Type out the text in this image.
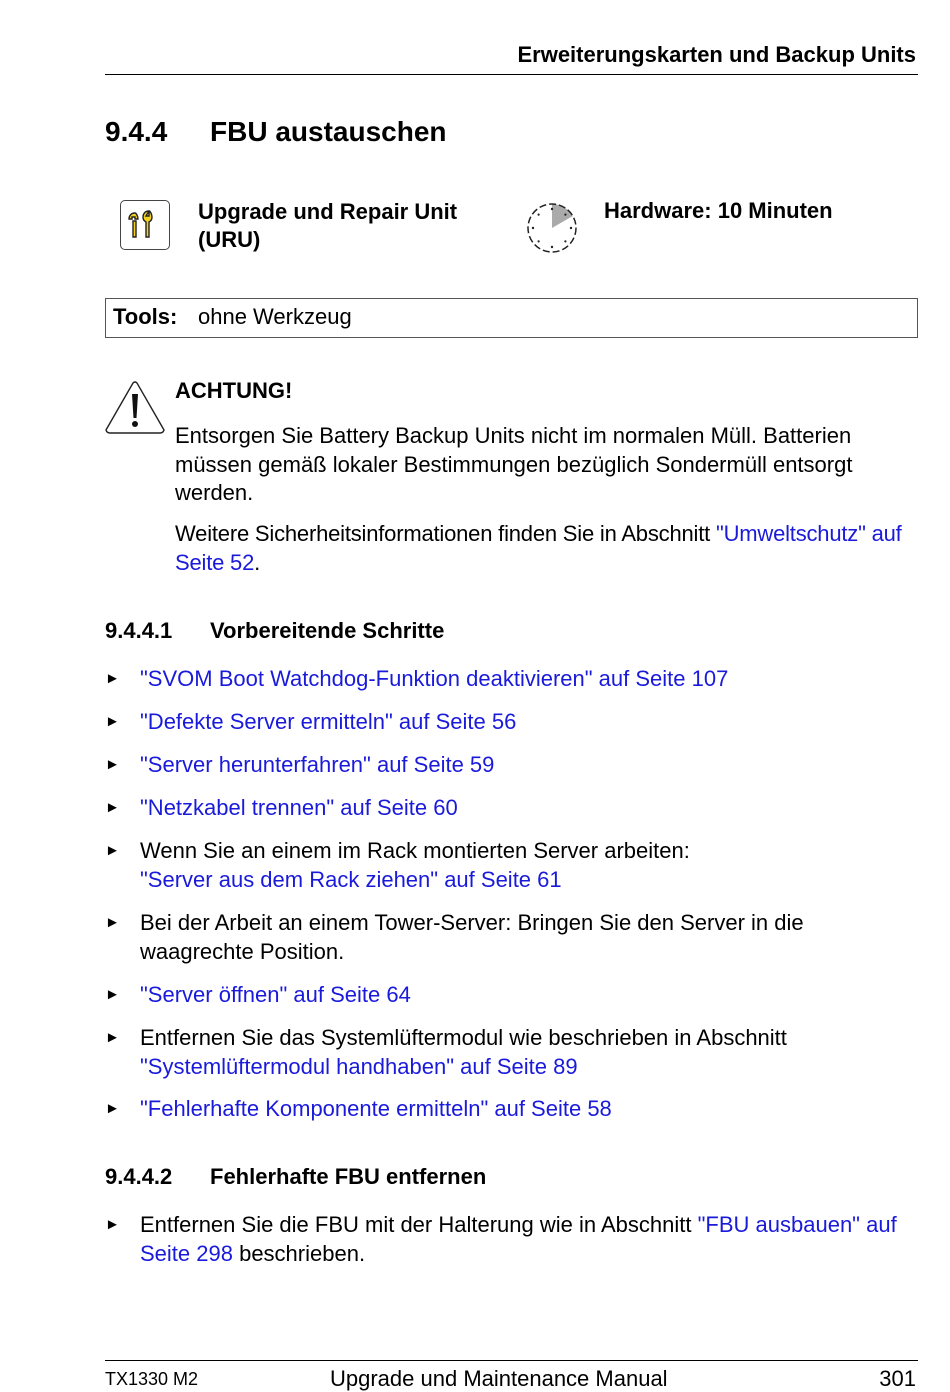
Erweiterungskarten und Backup Units
9.4.4 FBU austauschen
Upgrade und Repair Unit
(URU)
Hardware: 10 Minuten
Tools: ohne Werkzeug
ACHTUNG!
Entsorgen Sie Battery Backup Units nicht im normalen Müll. Batterien müssen gemäß lokaler Bestimmungen bezüglich Sondermüll entsorgt werden.
Weitere Sicherheitsinformationen finden Sie in Abschnitt "Umweltschutz" auf Seite 52.
9.4.4.1 Vorbereitende Schritte
► "SVOM Boot Watchdog-Funktion deaktivieren" auf Seite 107
► "Defekte Server ermitteln" auf Seite 56
► "Server herunterfahren" auf Seite 59
► "Netzkabel trennen" auf Seite 60
► Wenn Sie an einem im Rack montierten Server arbeiten:
"Server aus dem Rack ziehen" auf Seite 61
► Bei der Arbeit an einem Tower-Server: Bringen Sie den Server in die waagrechte Position.
► "Server öffnen" auf Seite 64
► Entfernen Sie das Systemlüftermodul wie beschrieben in Abschnitt
"Systemlüftermodul handhaben" auf Seite 89
► "Fehlerhafte Komponente ermitteln" auf Seite 58
9.4.4.2 Fehlerhafte FBU entfernen
► Entfernen Sie die FBU mit der Halterung wie in Abschnitt "FBU ausbauen" auf Seite 298 beschrieben.
TX1330 M2	Upgrade und Maintenance Manual	301
